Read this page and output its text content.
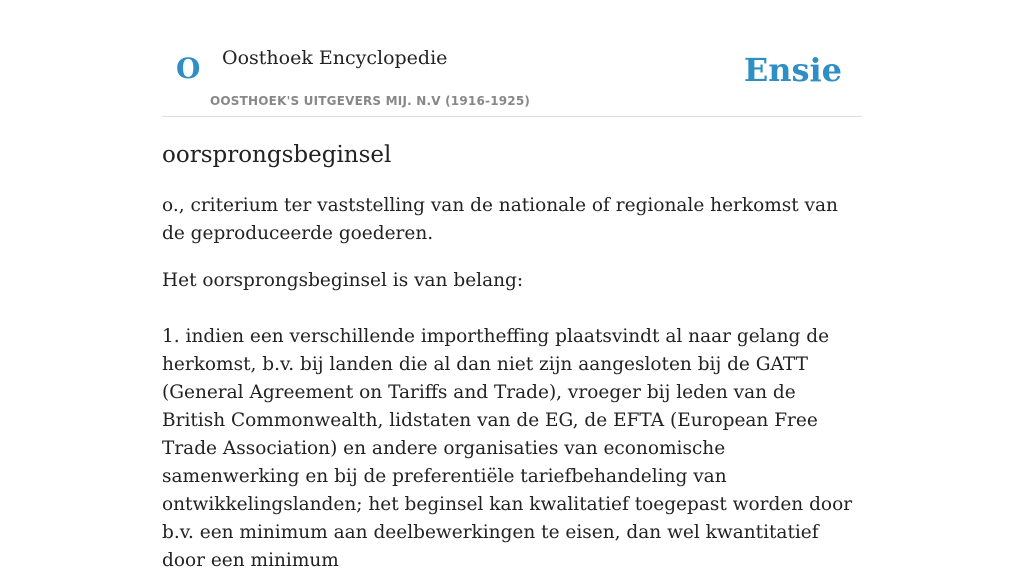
O Oosthoek Encyclopedie
OOSTHOEK'S UITGEVERS MIJ. N.V (1916-1925)
Ensie
oorsprongsbeginsel

o., criterium ter vaststelling van de nationale of regionale herkomst van de geproduceerde goederen.

Het oorsprongsbeginsel is van belang:

1. indien een verschillende importheffing plaatsvindt al naar gelang de herkomst, b.v. bij landen die al dan niet zijn aangesloten bij de GATT (General Agreement on Tariffs and Trade), vroeger bij leden van de British Commonwealth, lidstaten van de EG, de EFTA (European Free Trade Association) en andere organisaties van economische samenwerking en bij de preferentiële tariefbehandeling van ontwikkelingslanden; het beginsel kan kwalitatief toegepast worden door b.v. een minimum aan deelbewerkingen te eisen, dan wel kwantitatief door een minimum
